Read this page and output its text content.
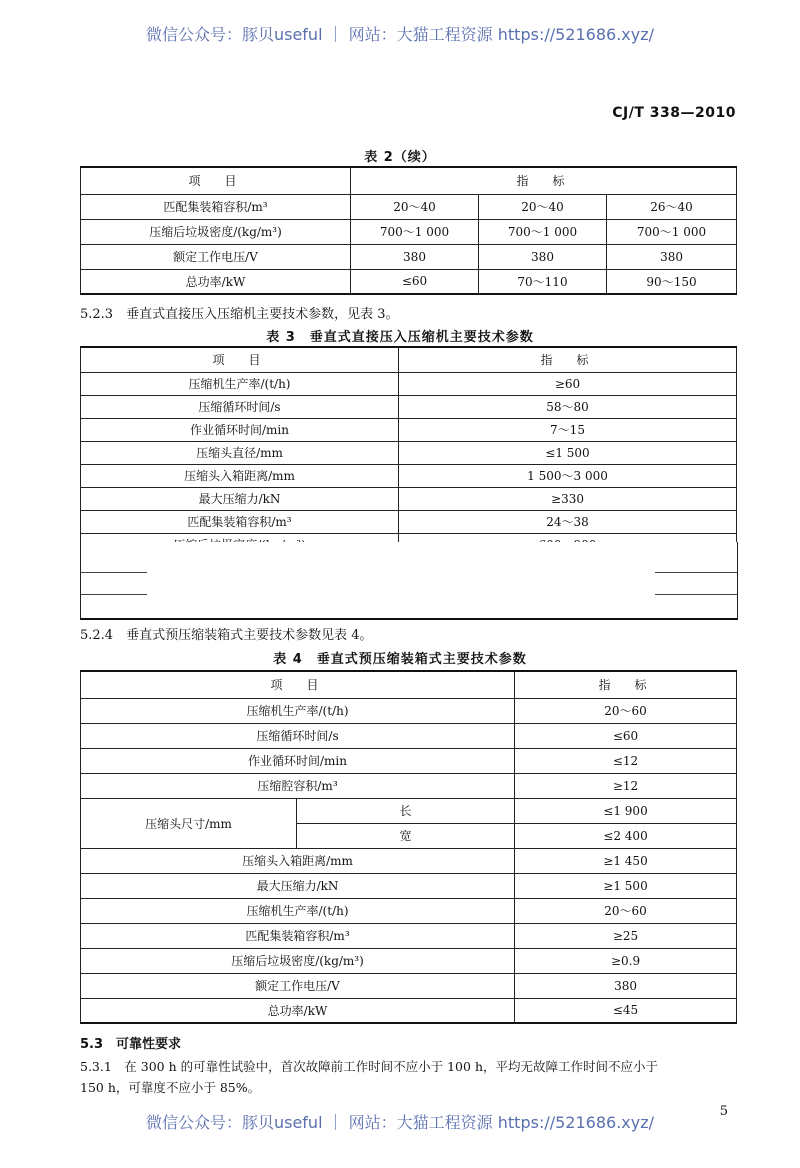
微信公众号：豚贝useful ｜ 网站：大猫工程资源 https://521686.xyz/
CJ/T 338—2010
表 2（续）
项　目	指　标		
匹配集装箱容积/m³	20～40	20～40	26～40
压缩后垃圾密度/(kg/m³)	700～1 000	700～1 000	700～1 000
额定工作电压/V	380	380	380
总功率/kW	≤60	70～110	90～150
5.2.3　垂直式直接压入压缩机主要技术参数，见表 3。
表 3　垂直式直接压入压缩机主要技术参数
项　目	指　标
压缩机生产率/(t/h)	≥60
压缩循环时间/s	58～80
作业循环时间/min	7～15
压缩头直径/mm	≤1 500
压缩头入箱距离/mm	1 500～3 000
最大压缩力/kN	≥330
匹配集装箱容积/m³	24～38

5.2.4　垂直式预压缩装箱式主要技术参数见表 4。
表 4　垂直式预压缩装箱式主要技术参数
项　目		指　标
压缩机生产率/(t/h)		20～60
压缩循环时间/s		≤60
作业循环时间/min		≤12
压缩腔容积/m³		≥12
压缩头尺寸/mm	长	≤1 900
	宽	≤2 400
压缩头入箱距离/mm		≥1 450
最大压缩力/kN		≥1 500
压缩机生产率/(t/h)		20～60
匹配集装箱容积/m³		≥25
压缩后垃圾密度/(kg/m³)		≥0.9
额定工作电压/V		380
总功率/kW		≤45
5.3　可靠性要求
5.3.1　在 300 h 的可靠性试验中，首次故障前工作时间不应小于 100 h，平均无故障工作时间不应小于
150 h，可靠度不应小于 85%。
微信公众号：豚贝useful ｜ 网站：大猫工程资源 https://521686.xyz/
5
